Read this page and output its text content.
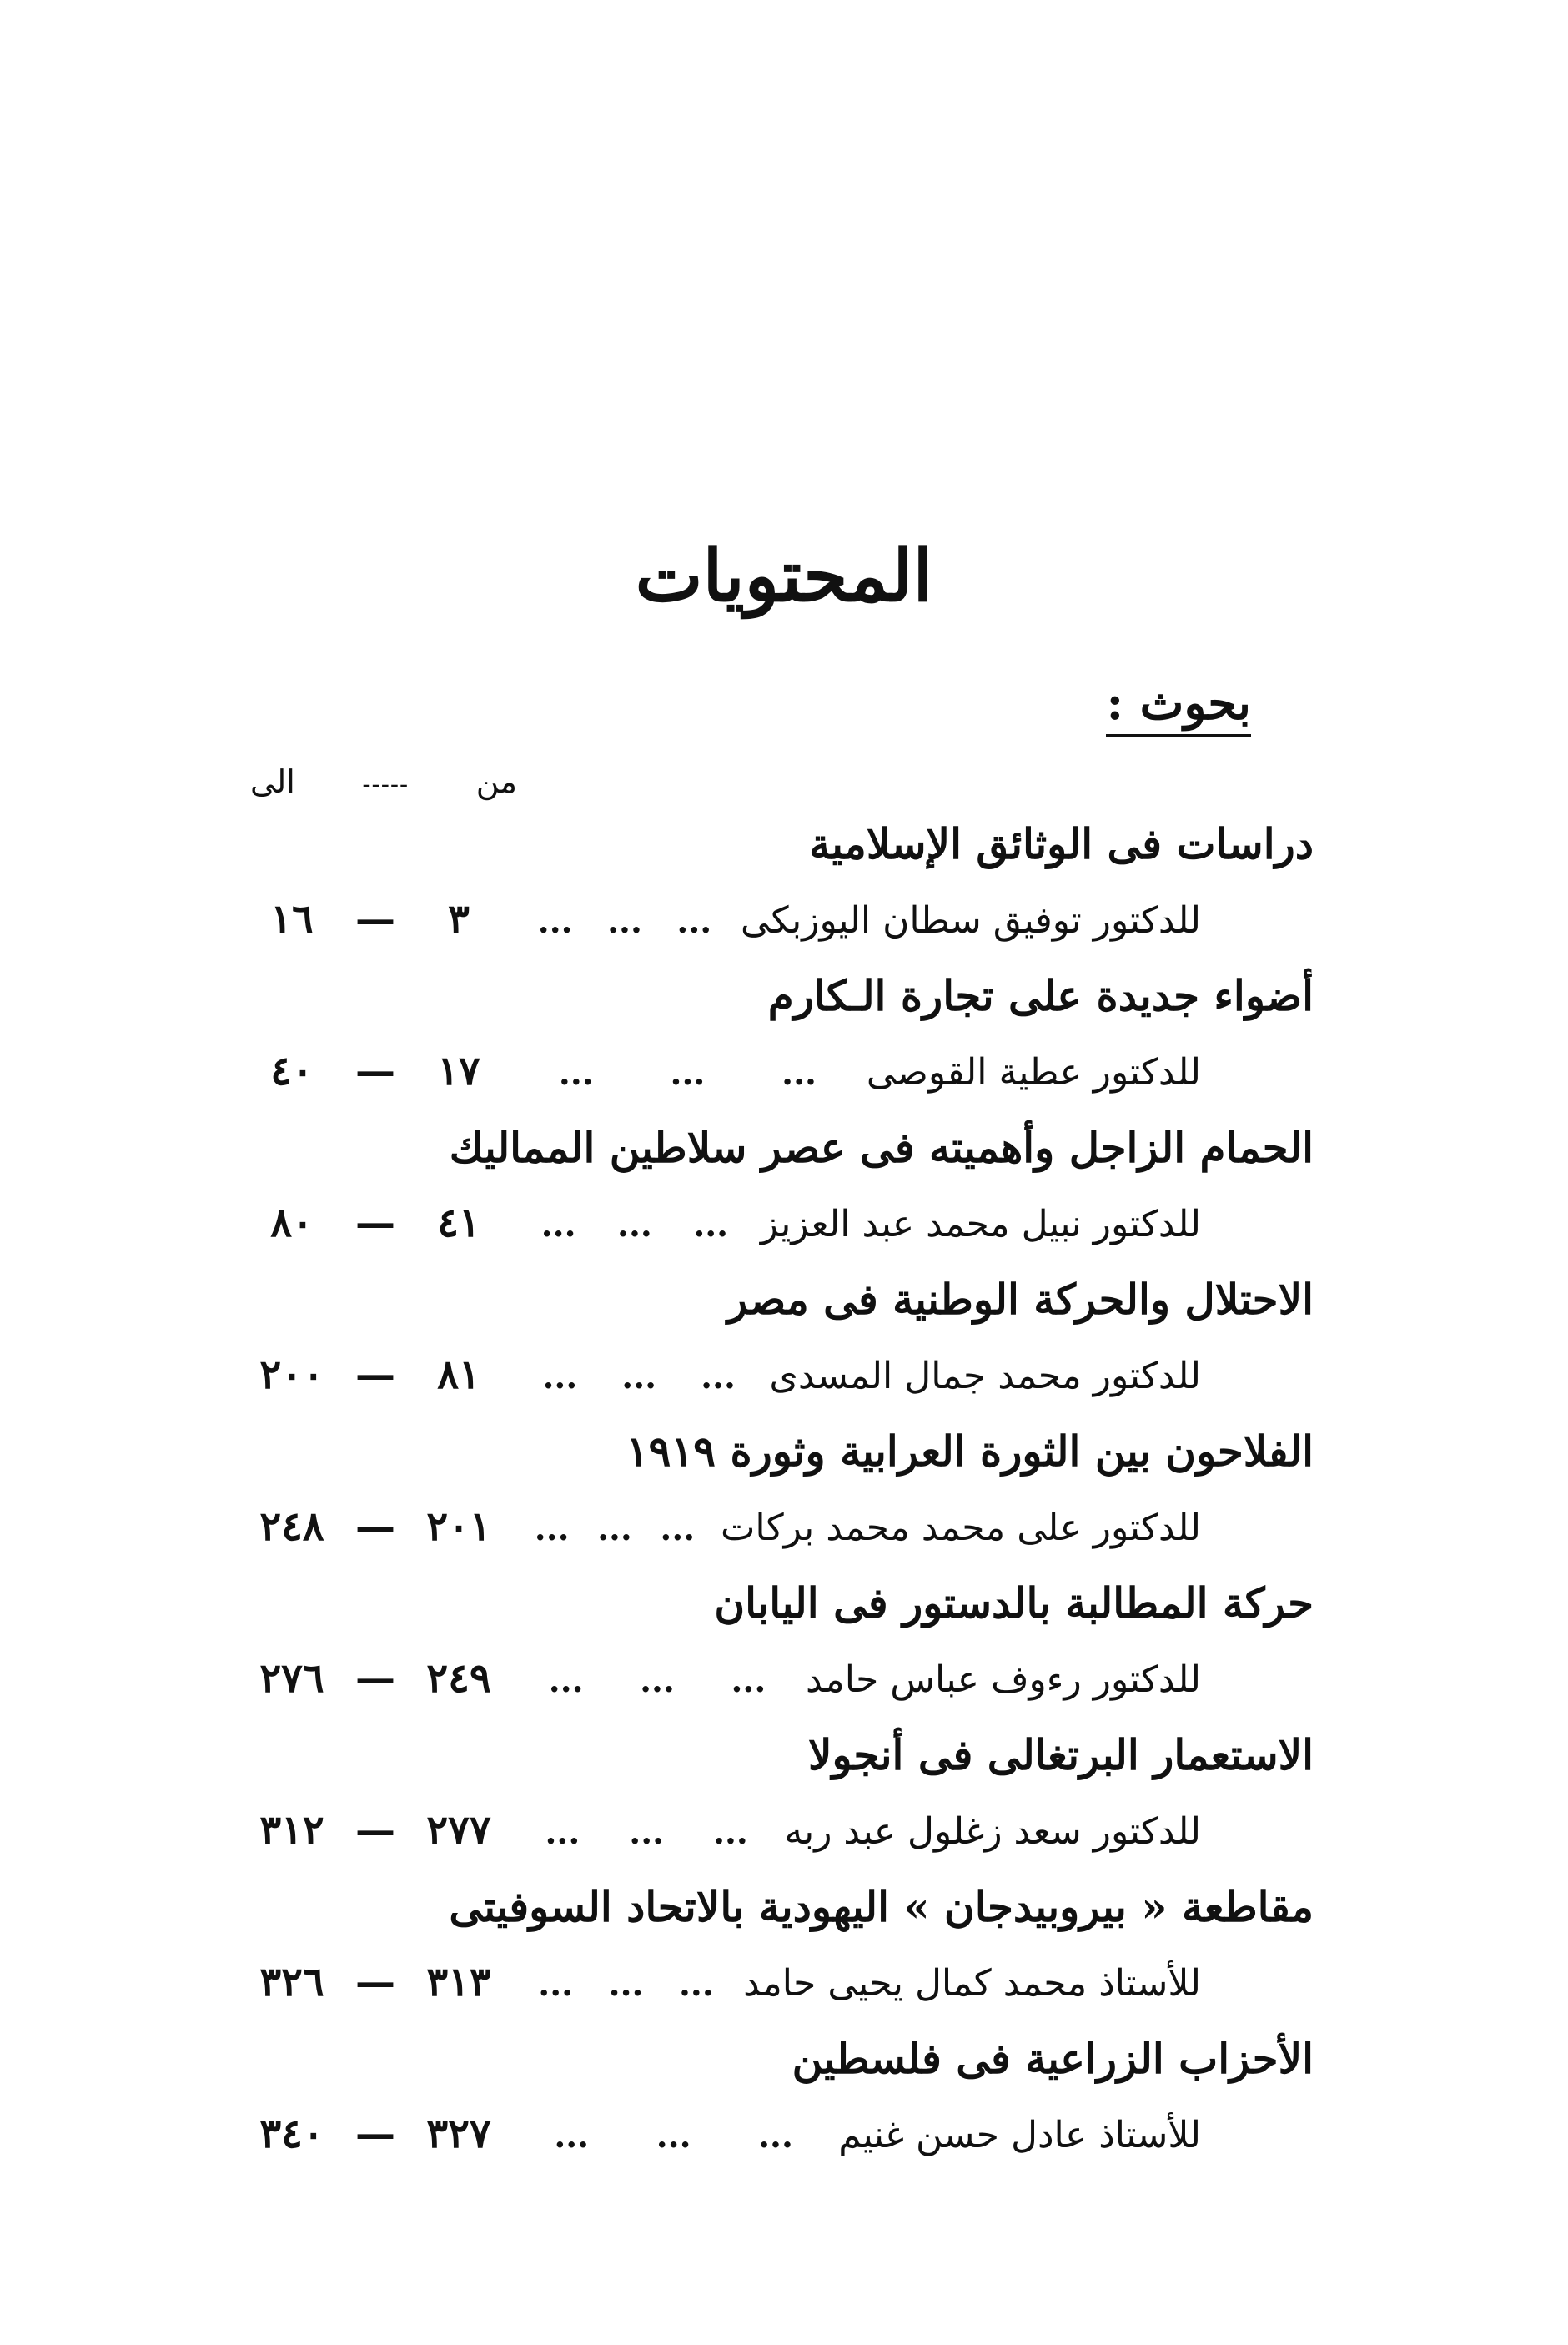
المحتويات
بحوث :
من
-----
الى
دراسات فى الوثائق الإسلامية
للدكتور توفيق سطان اليوزبكى
... ... ...
٣
—
١٦
أضواء جديدة على تجارة الـكارم
للدكتور عطية القوصى
... ... ...
١٧
—
٤٠
الحمام الزاجل وأهميته فى عصر سلاطين المماليك
للدكتور نبيل محمد عبد العزيز
... ... ...
٤١
—
٨٠
الاحتلال والحركة الوطنية فى مصر
للدكتور محمد جمال المسدى
... ... ...
٨١
—
٢٠٠
الفلاحون بين الثورة العرابية وثورة ١٩١٩
للدكتور على محمد محمد بركات
... ... ...
٢٠١
—
٢٤٨
حركة المطالبة بالدستور فى اليابان
للدكتور رءوف عباس حامد
... ... ...
٢٤٩
—
٢٧٦
الاستعمار البرتغالى فى أنجولا
للدكتور سعد زغلول عبد ربه
... ... ...
٢٧٧
—
٣١٢
مقاطعة « بيروبيدجان » اليهودية بالاتحاد السوفيتى
للأستاذ محمد كمال يحيى حامد
... ... ...
٣١٣
—
٣٢٦
الأحزاب الزراعية فى فلسطين
للأستاذ عادل حسن غنيم
... ... ...
٣٢٧
—
٣٤٠
